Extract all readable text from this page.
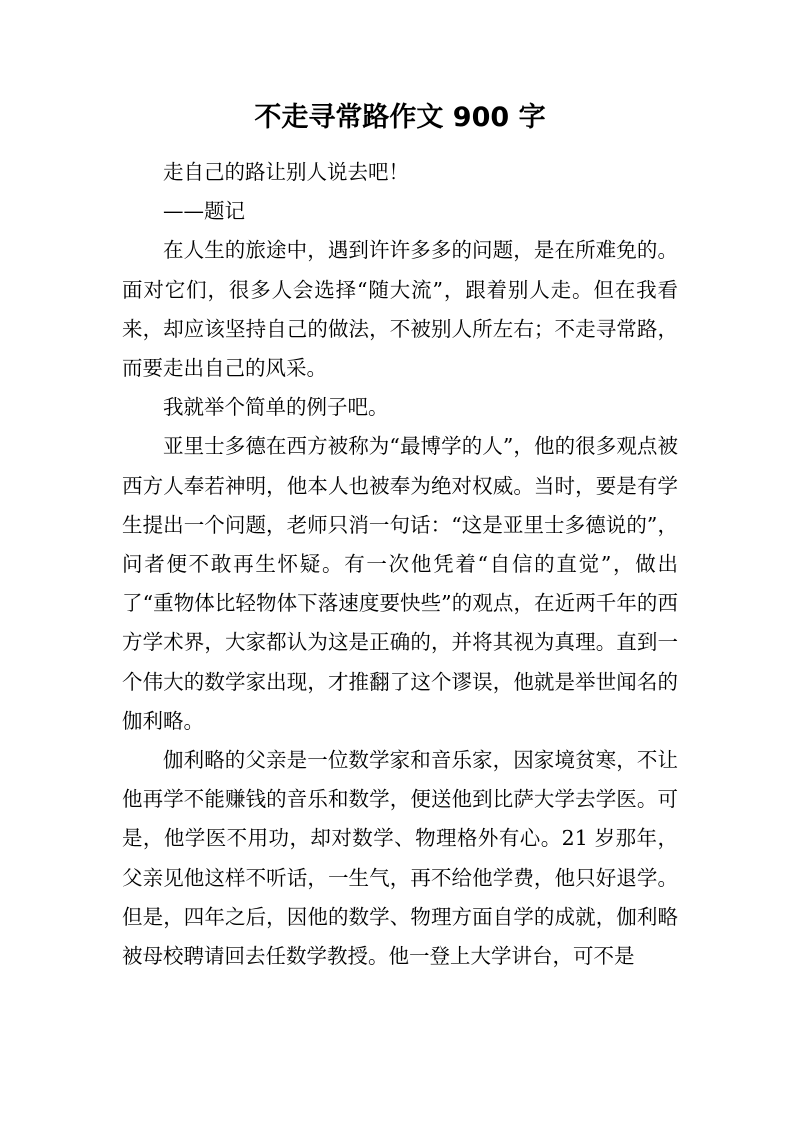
不走寻常路作文 900 字

走自己的路让别人说去吧！

——题记

在人生的旅途中，遇到许许多多的问题，是在所难免的。面对它们，很多人会选择“随大流”，跟着别人走。但在我看来，却应该坚持自己的做法，不被别人所左右；不走寻常路，而要走出自己的风采。

我就举个简单的例子吧。

亚里士多德在西方被称为“最博学的人”，他的很多观点被西方人奉若神明，他本人也被奉为绝对权威。当时，要是有学生提出一个问题，老师只消一句话：“这是亚里士多德说的”，问者便不敢再生怀疑。有一次他凭着“自信的直觉”，做出了“重物体比轻物体下落速度要快些”的观点，在近两千年的西方学术界，大家都认为这是正确的，并将其视为真理。直到一个伟大的数学家出现，才推翻了这个谬误，他就是举世闻名的伽利略。

伽利略的父亲是一位数学家和音乐家，因家境贫寒，不让他再学不能赚钱的音乐和数学，便送他到比萨大学去学医。可是，他学医不用功，却对数学、物理格外有心。21 岁那年，父亲见他这样不听话，一生气，再不给他学费，他只好退学。但是，四年之后，因他的数学、物理方面自学的成就，伽利略被母校聘请回去任数学教授。他一登上大学讲台，可不是
